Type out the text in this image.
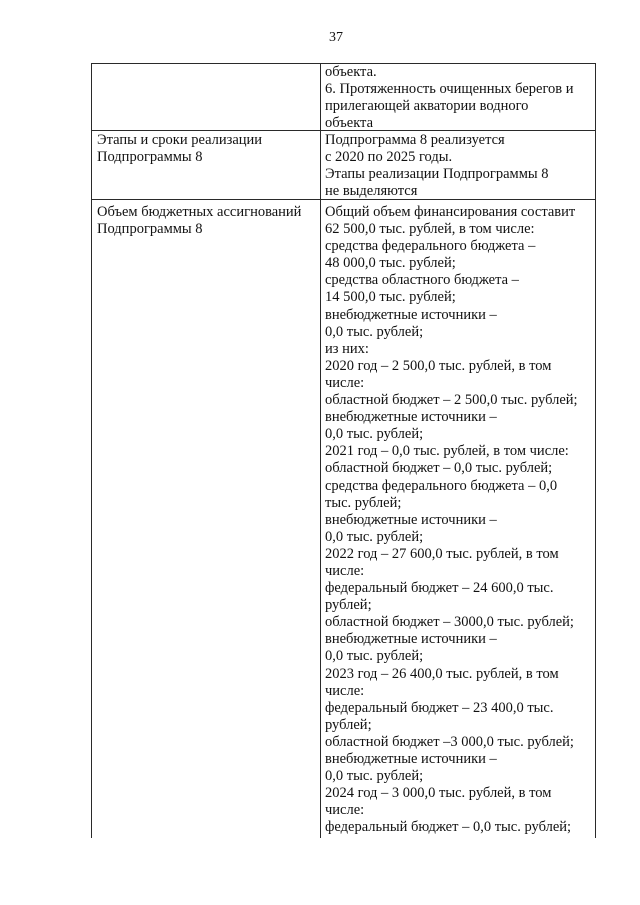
37
объекта.
6. Протяженность очищенных берегов и
прилегающей акватории водного
объекта
Этапы и сроки реализации
Подпрограммы 8
Подпрограмма 8 реализуется
с 2020 по 2025 годы.
Этапы реализации Подпрограммы 8
не выделяются
Объем бюджетных ассигнований
Подпрограммы 8
Общий объем финансирования составит
62 500,0 тыс. рублей, в том числе:
средства федерального бюджета –
48 000,0 тыс. рублей;
средства областного бюджета –
14 500,0 тыс. рублей;
внебюджетные источники –
0,0 тыс. рублей;
из них:
2020 год – 2 500,0 тыс. рублей, в том
числе:
областной бюджет – 2 500,0 тыс. рублей;
внебюджетные источники –
0,0 тыс. рублей;
2021 год – 0,0 тыс. рублей, в том числе:
областной бюджет – 0,0 тыс. рублей;
средства федерального бюджета – 0,0
тыс. рублей;
внебюджетные источники –
0,0 тыс. рублей;
2022 год – 27 600,0 тыс. рублей, в том
числе:
федеральный бюджет – 24 600,0 тыс.
рублей;
областной бюджет – 3000,0 тыс. рублей;
внебюджетные источники –
0,0 тыс. рублей;
2023 год – 26 400,0 тыс. рублей, в том
числе:
федеральный бюджет – 23 400,0 тыс.
рублей;
областной бюджет –3 000,0 тыс. рублей;
внебюджетные источники –
0,0 тыс. рублей;
2024 год – 3 000,0 тыс. рублей, в том
числе:
федеральный бюджет – 0,0 тыс. рублей;
